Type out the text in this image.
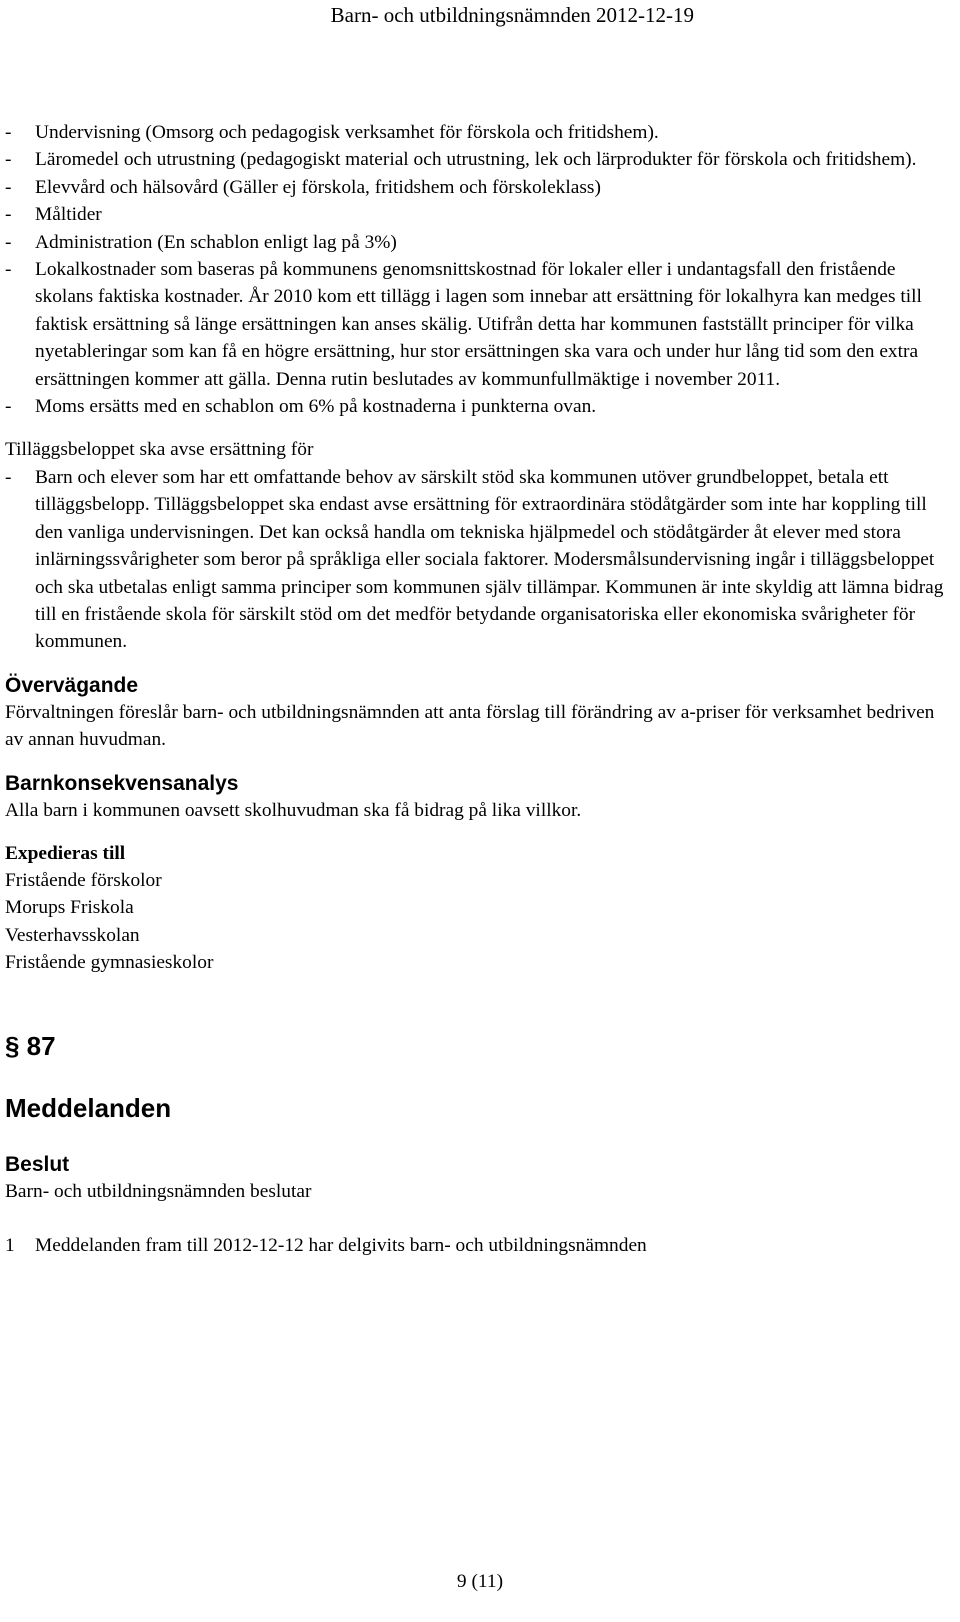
Barn- och utbildningsnämnden 2012-12-19
-	Undervisning (Omsorg och pedagogisk verksamhet för förskola och fritidshem).
-	Läromedel och utrustning (pedagogiskt material och utrustning, lek och lärprodukter för förskola och fritidshem).
-	Elevvård och hälsovård (Gäller ej förskola, fritidshem och förskoleklass)
-	Måltider
-	Administration (En schablon enligt lag på 3%)
-	Lokalkostnader som baseras på kommunens genomsnittskostnad för lokaler eller i undantagsfall den fristående skolans faktiska kostnader. År 2010 kom ett tillägg i lagen som innebar att ersättning för lokalhyra kan medges till faktisk ersättning så länge ersättningen kan anses skälig. Utifrån detta har kommunen fastställt principer för vilka nyetableringar som kan få en högre ersättning, hur stor ersättningen ska vara och under hur lång tid som den extra ersättningen kommer att gälla. Denna rutin beslutades av kommunfullmäktige i november 2011.
-	Moms ersätts med en schablon om 6% på kostnaderna i punkterna ovan.

Tilläggsbeloppet ska avse ersättning för

-	Barn och elever som har ett omfattande behov av särskilt stöd ska kommunen utöver grundbeloppet, betala ett tilläggsbelopp. Tilläggsbeloppet ska endast avse ersättning för extraordinära stödåtgärder som inte har koppling till den vanliga undervisningen. Det kan också handla om tekniska hjälpmedel och stödåtgärder åt elever med stora inlärningssvårigheter som beror på språkliga eller sociala faktorer. Modersmålsundervisning ingår i tilläggsbeloppet och ska utbetalas enligt samma principer som kommunen själv tillämpar. Kommunen är inte skyldig att lämna bidrag till en fristående skola för särskilt stöd om det medför betydande organisatoriska eller ekonomiska svårigheter för kommunen.
Övervägande

Förvaltningen föreslår barn- och utbildningsnämnden att anta förslag till förändring av a-priser för verksamhet bedriven av annan huvudman.

Barnkonsekvensanalys

Alla barn i kommunen oavsett skolhuvudman ska få bidrag på lika villkor.

Expedieras till

Fristående förskolor

Morups Friskola

Vesterhavsskolan

Fristående gymnasieskolor

§ 87
Meddelanden
Beslut

Barn- och utbildningsnämnden beslutar

1	Meddelanden fram till 2012-12-12 har delgivits barn- och utbildningsnämnden
9 (11)
